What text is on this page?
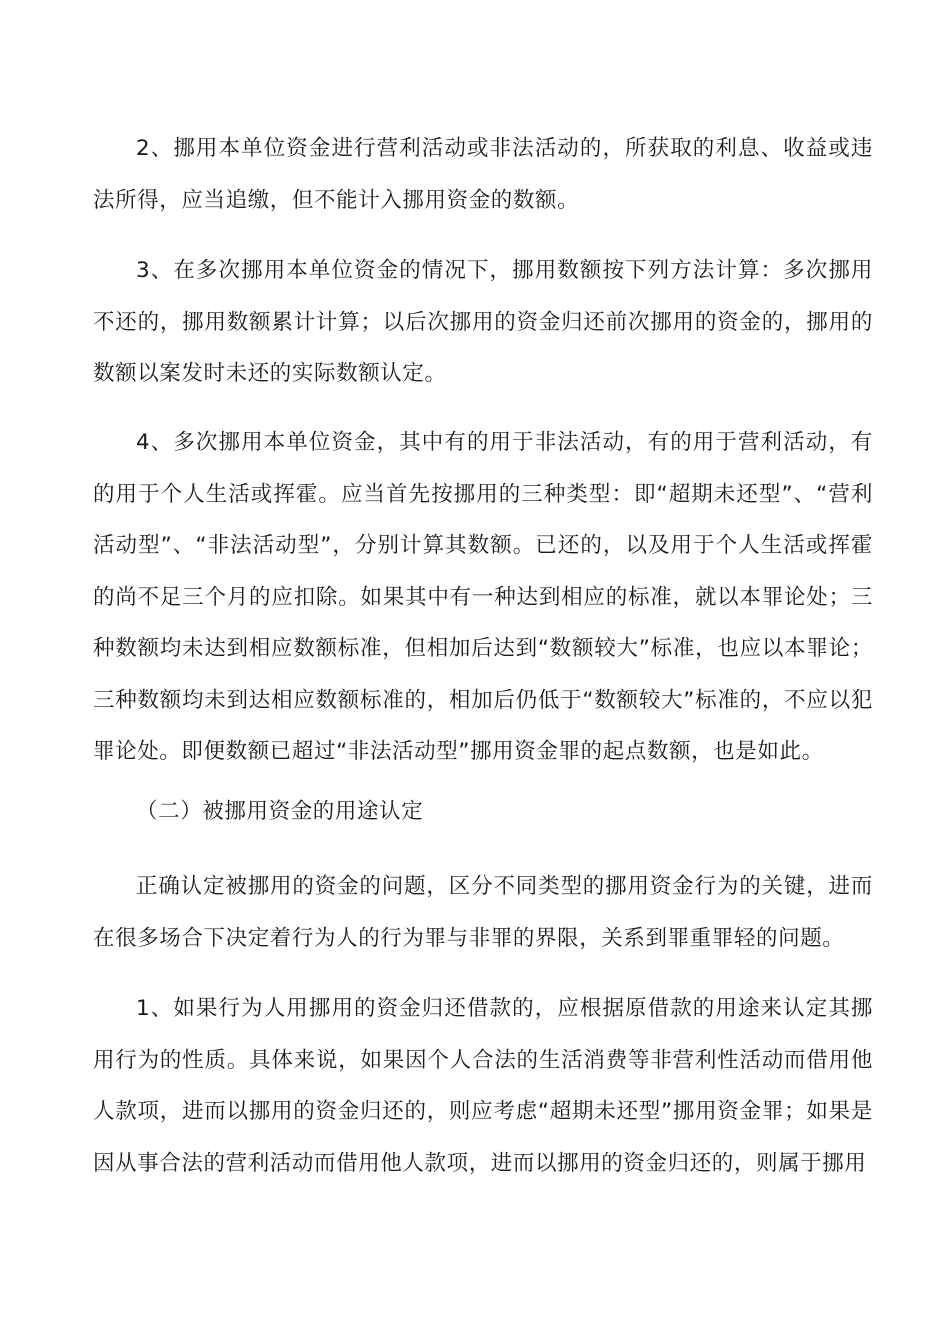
2、挪用本单位资金进行营利活动或非法活动的，所获取的利息、收益或违法所得，应当追缴，但不能计入挪用资金的数额。

3、在多次挪用本单位资金的情况下，挪用数额按下列方法计算：多次挪用不还的，挪用数额累计计算；以后次挪用的资金归还前次挪用的资金的，挪用的数额以案发时未还的实际数额认定。

4、多次挪用本单位资金，其中有的用于非法活动，有的用于营利活动，有的用于个人生活或挥霍。应当首先按挪用的三种类型：即“超期未还型”、“营利活动型”、“非法活动型”，分别计算其数额。已还的，以及用于个人生活或挥霍的尚不足三个月的应扣除。如果其中有一种达到相应的标准，就以本罪论处；三种数额均未达到相应数额标准，但相加后达到“数额较大”标准，也应以本罪论；三种数额均未到达相应数额标准的，相加后仍低于“数额较大”标准的，不应以犯罪论处。即便数额已超过“非法活动型”挪用资金罪的起点数额，也是如此。

（二）被挪用资金的用途认定

正确认定被挪用的资金的问题，区分不同类型的挪用资金行为的关键，进而在很多场合下决定着行为人的行为罪与非罪的界限，关系到罪重罪轻的问题。

1、如果行为人用挪用的资金归还借款的，应根据原借款的用途来认定其挪用行为的性质。具体来说，如果因个人合法的生活消费等非营利性活动而借用他人款项，进而以挪用的资金归还的，则应考虑“超期未还型”挪用资金罪；如果是因从事合法的营利活动而借用他人款项，进而以挪用的资金归还的，则属于挪用
